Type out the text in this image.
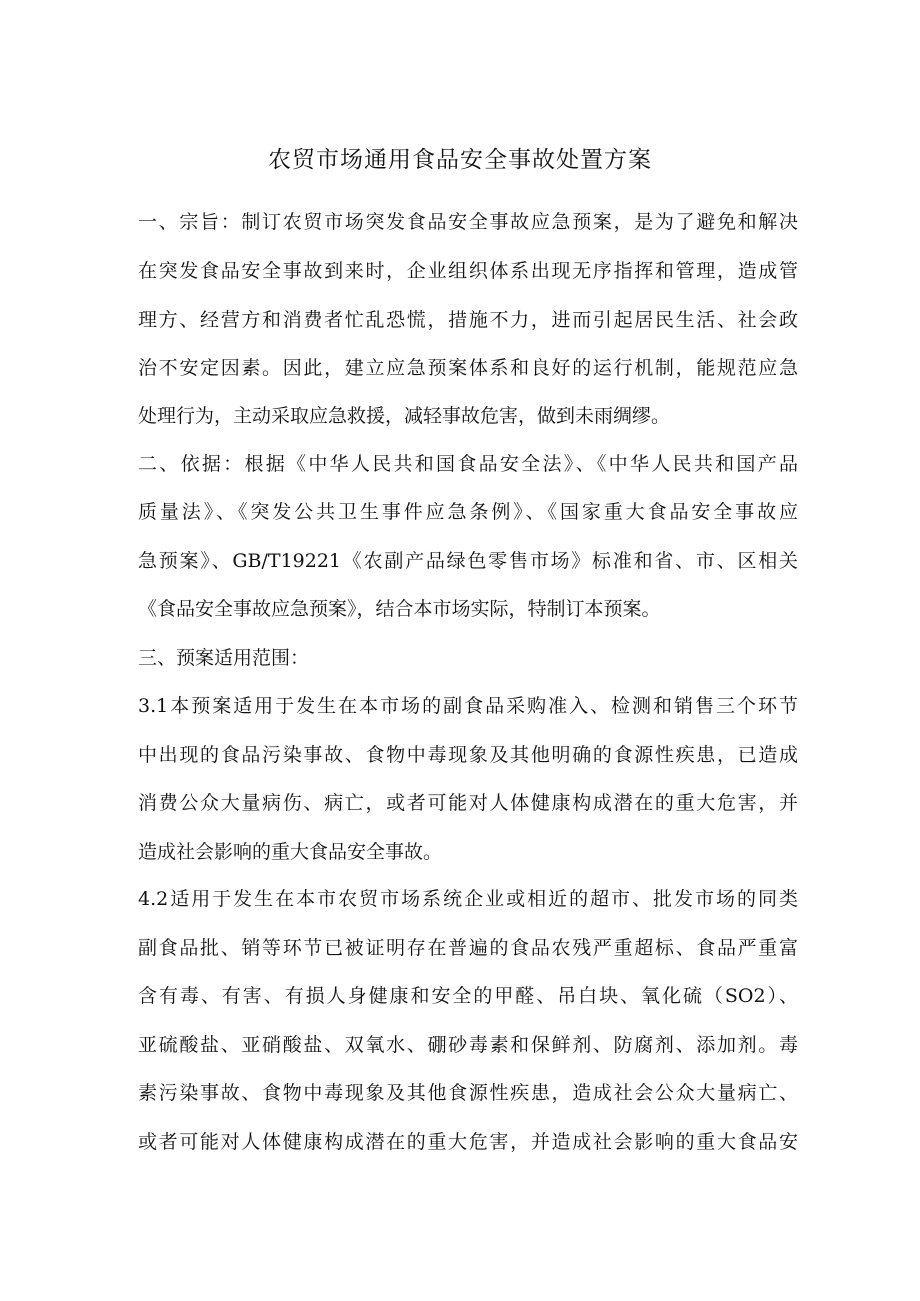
农贸市场通用食品安全事故处置方案
一、宗旨：制订农贸市场突发食品安全事故应急预案，是为了避免和解决
在突发食品安全事故到来时，企业组织体系出现无序指挥和管理，造成管
理方、经营方和消费者忙乱恐慌，措施不力，进而引起居民生活、社会政
治不安定因素。因此，建立应急预案体系和良好的运行机制，能规范应急
处理行为，主动采取应急救援，减轻事故危害，做到未雨绸缪。
二、依据：根据《中华人民共和国食品安全法》、《中华人民共和国产品
质量法》、《突发公共卫生事件应急条例》、《国家重大食品安全事故应
急预案》、GB/T19221《农副产品绿色零售市场》标准和省、市、区相关
《食品安全事故应急预案》，结合本市场实际，特制订本预案。
三、预案适用范围：
3.1本预案适用于发生在本市场的副食品采购准入、检测和销售三个环节
中出现的食品污染事故、食物中毒现象及其他明确的食源性疾患，已造成
消费公众大量病伤、病亡，或者可能对人体健康构成潜在的重大危害，并
造成社会影响的重大食品安全事故。
4.2适用于发生在本市农贸市场系统企业或相近的超市、批发市场的同类
副食品批、销等环节已被证明存在普遍的食品农残严重超标、食品严重富
含有毒、有害、有损人身健康和安全的甲醛、吊白块、氧化硫（SO2）、
亚硫酸盐、亚硝酸盐、双氧水、硼砂毒素和保鲜剂、防腐剂、添加剂。毒
素污染事故、食物中毒现象及其他食源性疾患，造成社会公众大量病亡、
或者可能对人体健康构成潜在的重大危害，并造成社会影响的重大食品安
